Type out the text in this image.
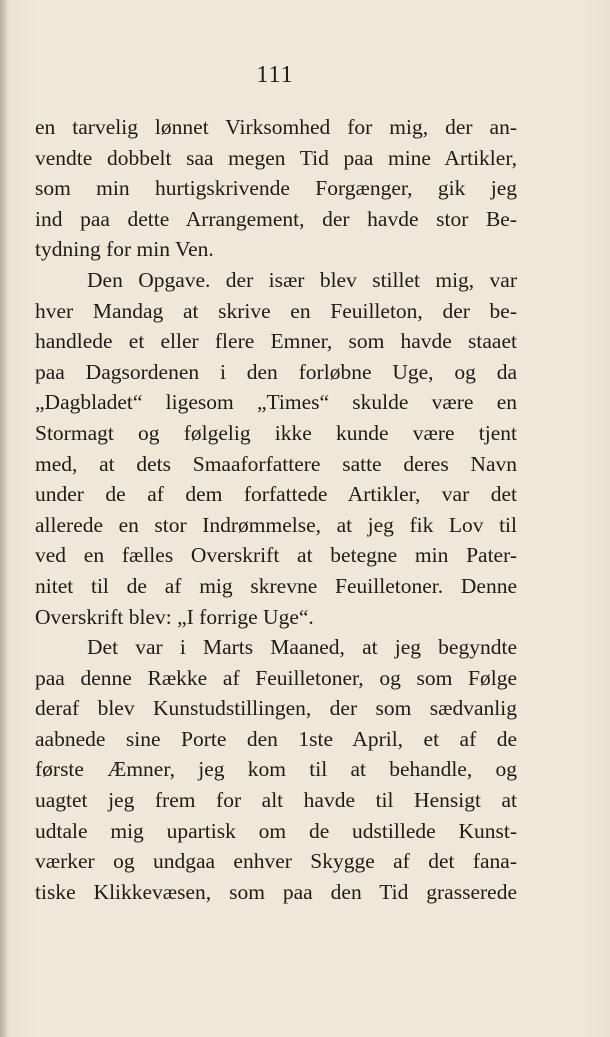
111
en tarvelig lønnet Virksomhed for mig, der an-
vendte dobbelt saa megen Tid paa mine Artikler,
som min hurtigskrivende Forgænger, gik jeg
ind paa dette Arrangement, der havde stor Be-
tydning for min Ven.
Den Opgave. der især blev stillet mig, var
hver Mandag at skrive en Feuilleton, der be-
handlede et eller flere Emner, som havde staaet
paa Dagsordenen i den forløbne Uge, og da
„Dagbladet“ ligesom „Times“ skulde være en
Stormagt og følgelig ikke kunde være tjent
med, at dets Smaaforfattere satte deres Navn
under de af dem forfattede Artikler, var det
allerede en stor Indrømmelse, at jeg fik Lov til
ved en fælles Overskrift at betegne min Pater-
nitet til de af mig skrevne Feuilletoner. Denne
Overskrift blev: „I forrige Uge“.
Det var i Marts Maaned, at jeg begyndte
paa denne Række af Feuilletoner, og som Følge
deraf blev Kunstudstillingen, der som sædvanlig
aabnede sine Porte den 1ste April, et af de
første Æmner, jeg kom til at behandle, og
uagtet jeg frem for alt havde til Hensigt at
udtale mig upartisk om de udstillede Kunst-
værker og undgaa enhver Skygge af det fana-
tiske Klikkevæsen, som paa den Tid grasserede
